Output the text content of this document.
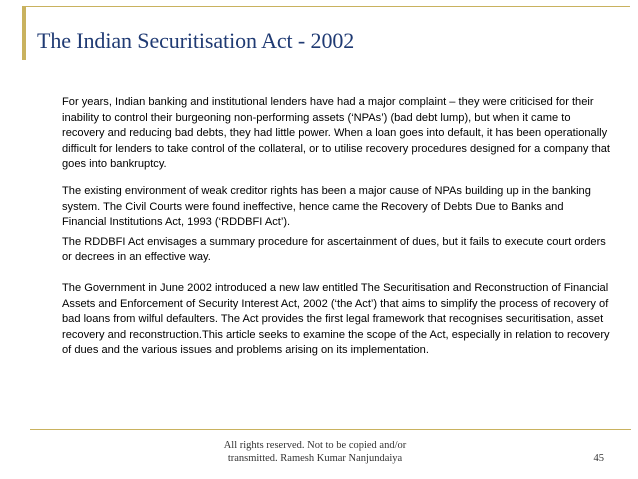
The Indian Securitisation Act - 2002

For years, Indian banking and institutional lenders have had a major complaint – they were criticised for their inability to control their burgeoning non-performing assets (‘NPAs’) (bad debt lump), but when it came to recovery and reducing bad debts, they had little power. When a loan goes into default, it has been operationally difficult for lenders to take control of the collateral, or to utilise recovery procedures designed for a company that goes into bankruptcy.

The existing environment of weak creditor rights has been a major cause of NPAs building up in the banking system. The Civil Courts were found ineffective, hence came the Recovery of Debts Due to Banks and Financial Institutions Act, 1993 (‘RDDBFI Act’).

The RDDBFI Act envisages a summary procedure for ascertainment of dues, but it fails to execute court orders or decrees in an effective way.

The Government in June 2002 introduced a new law entitled The Securitisation and Reconstruction of Financial Assets and Enforcement of Security Interest Act, 2002 (‘the Act’) that aims to simplify the process of recovery of bad loans from wilful defaulters. The Act provides the first legal framework that recognises securitisation, asset recovery and reconstruction.This article seeks to examine the scope of the Act, especially in relation to recovery of dues and the various issues and problems arising on its implementation.

All rights reserved. Not to be copied and/or
transmitted. Ramesh Kumar Nanjundaiya	45
